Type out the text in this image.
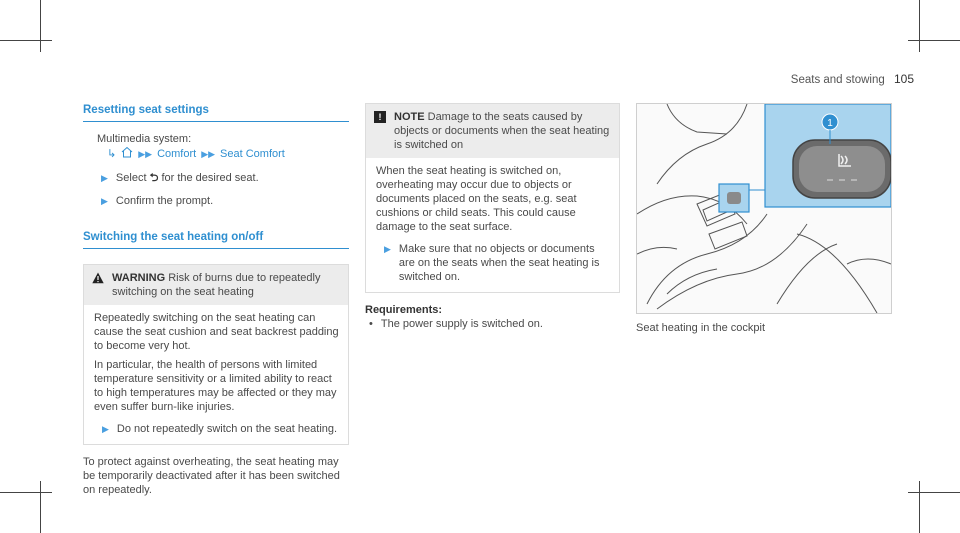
Seats and stowing 105
Resetting seat settings

Multimedia system:

↳ ▶▶ Comfort ▶▶ Seat Comfort
▶ Select ⮌ for the desired seat.
▶ Confirm the prompt.
Switching the seat heating on/off
WARNING Risk of burns due to repeatedly switching on the seat heating

Repeatedly switching on the seat heating can cause the seat cushion and seat backrest padding to become very hot.

In particular, the health of persons with limited temperature sensitivity or a limited ability to react to high temperatures may be affected or they may even suffer burn-like injuries.

▶ Do not repeatedly switch on the seat heating.

To protect against overheating, the seat heating may be temporarily deactivated after it has been switched on repeatedly.

!	NOTE Damage to the seats caused by objects or documents when the seat heating is switched on

When the seat heating is switched on, overheating may occur due to objects or documents placed on the seats, e.g. seat cushions or child seats. This could cause damage to the seat surface.

▶ Make sure that no objects or documents are on the seats when the seat heating is switched on.

Requirements:

• The power supply is switched on.
1
Seat heating in the cockpit
